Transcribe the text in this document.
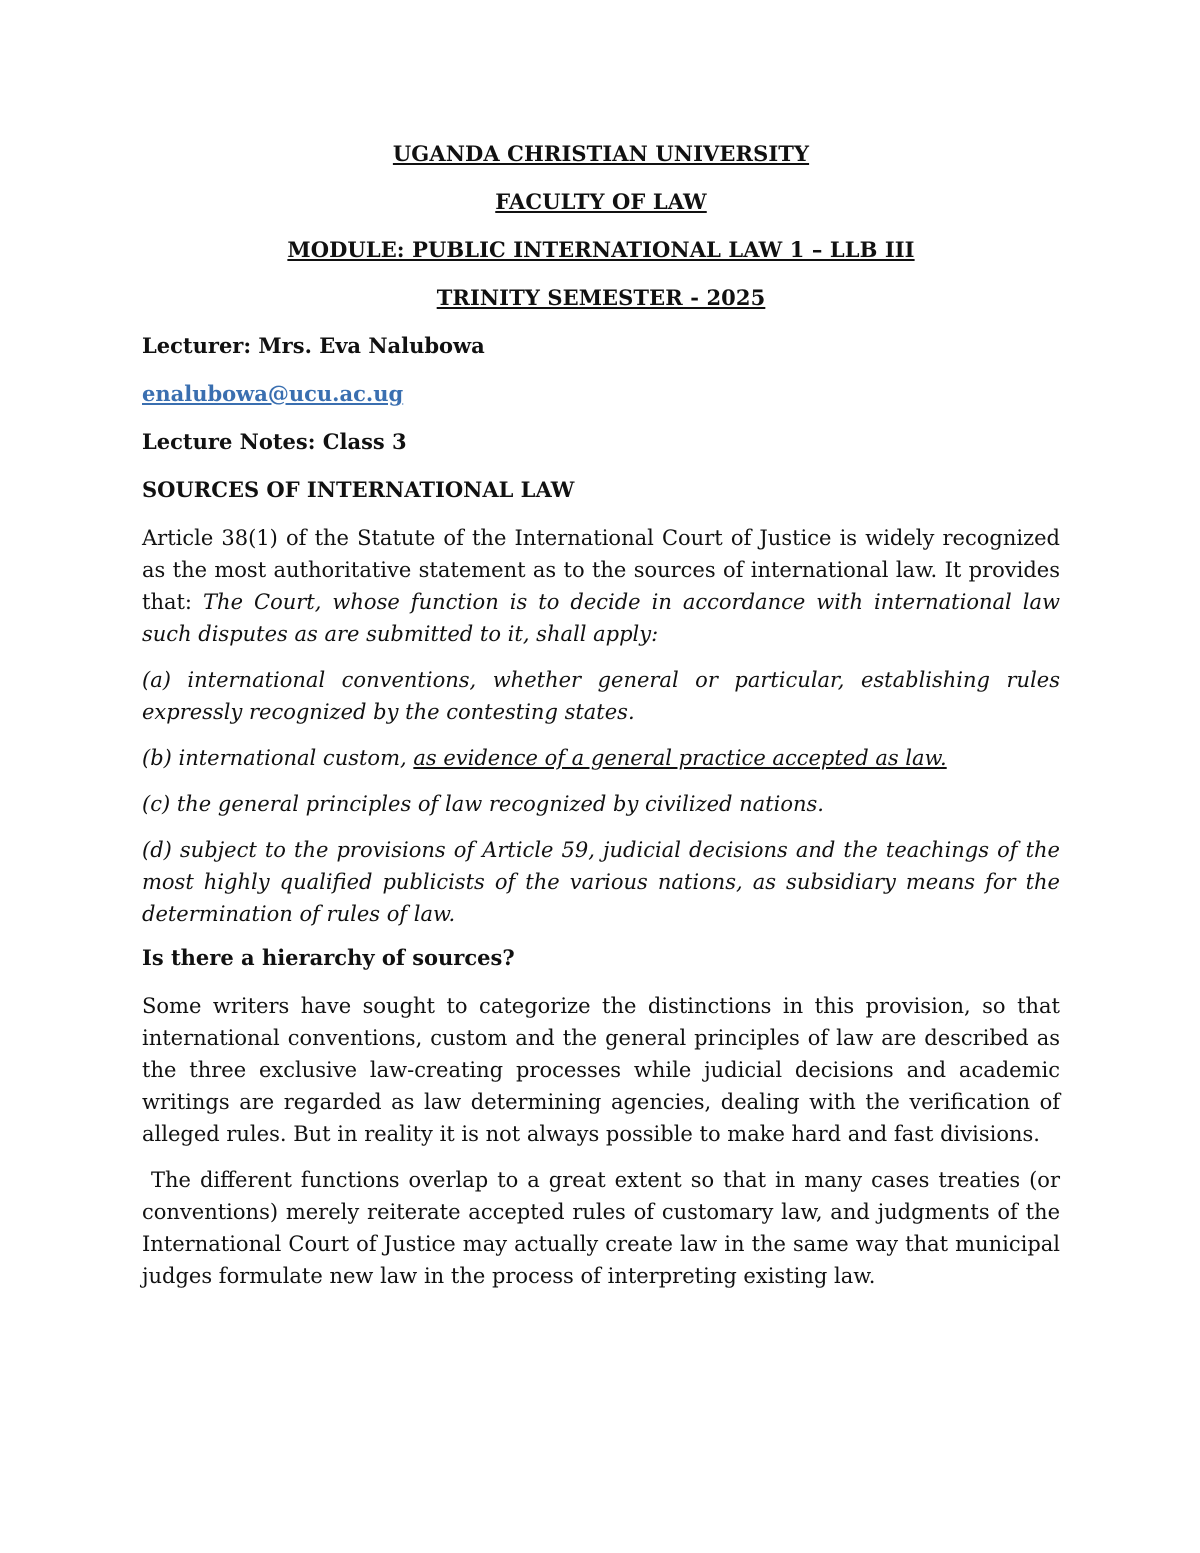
UGANDA CHRISTIAN UNIVERSITY
FACULTY OF LAW
MODULE: PUBLIC INTERNATIONAL LAW 1 – LLB III
TRINITY SEMESTER - 2025
Lecturer: Mrs. Eva Nalubowa
enalubowa@ucu.ac.ug
Lecture Notes: Class 3
SOURCES OF INTERNATIONAL LAW

Article 38(1) of the Statute of the International Court of Justice is widely recognized as the most authoritative statement as to the sources of international law. It provides that: The Court, whose function is to decide in accordance with international law such disputes as are submitted to it, shall apply:

(a) international conventions, whether general or particular, establishing rules expressly recognized by the contesting states.

(b) international custom, as evidence of a general practice accepted as law.

(c) the general principles of law recognized by civilized nations.

(d) subject to the provisions of Article 59, judicial decisions and the teachings of the most highly qualified publicists of the various nations, as subsidiary means for the determination of rules of law.

Is there a hierarchy of sources?

Some writers have sought to categorize the distinctions in this provision, so that international conventions, custom and the general principles of law are described as the three exclusive law-creating processes while judicial decisions and academic writings are regarded as law determining agencies, dealing with the verification of alleged rules. But in reality it is not always possible to make hard and fast divisions.

The different functions overlap to a great extent so that in many cases treaties (or conventions) merely reiterate accepted rules of customary law, and judgments of the International Court of Justice may actually create law in the same way that municipal judges formulate new law in the process of interpreting existing law.
